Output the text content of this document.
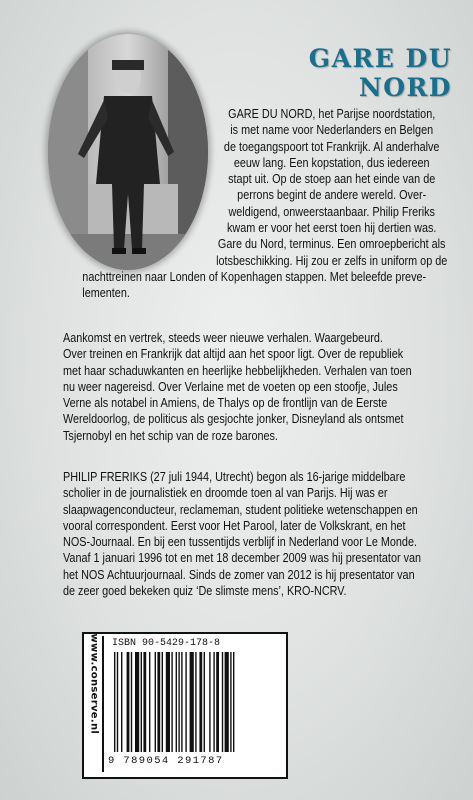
GARE DU NORD
GARE DU NORD, het Parijse noordstation,
is met name voor Nederlanders en Belgen
de toegangspoort tot Frankrijk. Al anderhalve
eeuw lang. Een kopstation, dus iedereen
stapt uit. Op de stoep aan het einde van de
perrons begint de andere wereld. Over-
weldigend, onweerstaanbaar. Philip Freriks
kwam er voor het eerst toen hij dertien was.
Gare du Nord, terminus. Een omroepbericht als
lotsbeschikking. Hij zou er zelfs in uniform op de
nachttreinen naar Londen of Kopenhagen stappen. Met beleefde preve-
lementen.
Aankomst en vertrek, steeds weer nieuwe verhalen. Waargebeurd.
Over treinen en Frankrijk dat altijd aan het spoor ligt. Over de republiek
met haar schaduwkanten en heerlijke hebbelijkheden. Verhalen van toen
nu weer nagereisd. Over Verlaine met de voeten op een stoofje, Jules
Verne als notabel in Amiens, de Thalys op de frontlijn van de Eerste
Wereldoorlog, de politicus als gesjochte jonker, Disneyland als ontsmet
Tsjernobyl en het schip van de roze barones.
PHILIP FRERIKS (27 juli 1944, Utrecht) begon als 16-jarige middelbare
scholier in de journalistiek en droomde toen al van Parijs. Hij was er
slaapwagenconducteur, reclameman, student politieke wetenschappen en
vooral correspondent. Eerst voor Het Parool, later de Volkskrant, en het
NOS-Journaal. En bij een tussentijds verblijf in Nederland voor Le Monde.
Vanaf 1 januari 1996 tot en met 18 december 2009 was hij presentator van
het NOS Achtuurjournaal. Sinds de zomer van 2012 is hij presentator van
de zeer goed bekeken quiz ‘De slimste mens’, KRO-NCRV.
www.conserve.nl ISBN 90-5429-178-8
9 789054 291787
